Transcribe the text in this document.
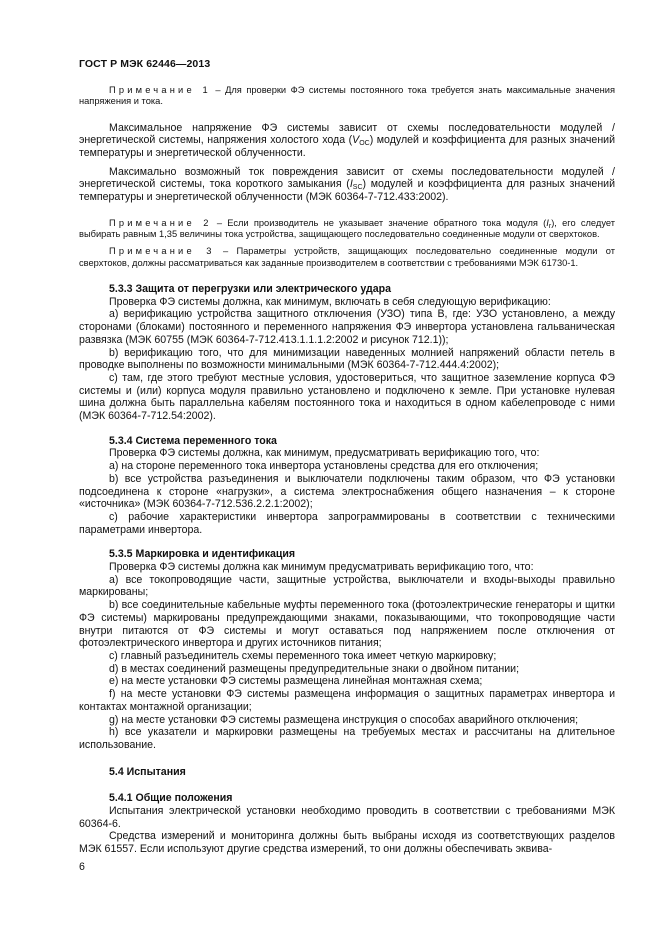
ГОСТ Р МЭК 62446—2013

Примечание 1 – Для проверки ФЭ системы постоянного тока требуется знать максимальные значения напряжения и тока.

Максимальное напряжение ФЭ системы зависит от схемы последовательности модулей / энергетической системы, напряжения холостого хода $(V_{OC})$ модулей и коэффициента для разных значений температуры и энергетической облученности.

Максимально возможный ток повреждения зависит от схемы последовательности модулей / энергетической системы, тока короткого замыкания $(I_{SC})$ модулей и коэффициента для разных значений температуры и энергетической облученности (МЭК 60364-7-712.433:2002).

Примечание 2 – Если производитель не указывает значение обратного тока модуля $(I_r)$, его следует выбирать равным 1,35 величины тока устройства, защищающего последовательно соединенные модули от сверхтоков.

Примечание 3 – Параметры устройств, защищающих последовательно соединенные модули от сверхтоков, должны рассматриваться как заданные производителем в соответствии с требованиями МЭК 61730-1.

5.3.3 Защита от перегрузки или электрического удара

Проверка ФЭ системы должна, как минимум, включать в себя следующую верификацию:

а) верификацию устройства защитного отключения (УЗО) типа В, где: УЗО установлено, а между сторонами (блоками) постоянного и переменного напряжения ФЭ инвертора установлена гальваническая развязка (МЭК 60755 (МЭК 60364-7-712.413.1.1.1.2:2002 и рисунок 712.1));

b) верификацию того, что для минимизации наведенных молнией напряжений области петель в проводке выполнены по возможности минимальными (МЭК 60364-7-712.444.4:2002);

c) там, где этого требуют местные условия, удостовериться, что защитное заземление корпуса ФЭ системы и (или) корпуса модуля правильно установлено и подключено к земле. При установке нулевая шина должна быть параллельна кабелям постоянного тока и находиться в одном кабелепроводе с ними (МЭК 60364-7-712.54:2002).

5.3.4 Система переменного тока

Проверка ФЭ системы должна, как минимум, предусматривать верификацию того, что:

а) на стороне переменного тока инвертора установлены средства для его отключения;

b) все устройства разъединения и выключатели подключены таким образом, что ФЭ установки подсоединена к стороне «нагрузки», а система электроснабжения общего назначения – к стороне «источника» (МЭК 60364-7-712.536.2.2.1:2002);

c) рабочие характеристики инвертора запрограммированы в соответствии с техническими параметрами инвертора.

5.3.5 Маркировка и идентификация

Проверка ФЭ системы должна как минимум предусматривать верификацию того, что:

а) все токопроводящие части, защитные устройства, выключатели и входы-выходы правильно маркированы;

b) все соединительные кабельные муфты переменного тока (фотоэлектрические генераторы и щитки ФЭ системы) маркированы предупреждающими знаками, показывающими, что токопроводящие части внутри питаются от ФЭ системы и могут оставаться под напряжением после отключения от фотоэлектрического инвертора и других источников питания;

c) главный разъединитель схемы переменного тока имеет четкую маркировку;

d) в местах соединений размещены предупредительные знаки о двойном питании;

e) на месте установки ФЭ системы размещена линейная монтажная схема;

f) на месте установки ФЭ системы размещена информация о защитных параметрах инвертора и контактах монтажной организации;

g) на месте установки ФЭ системы размещена инструкция о способах аварийного отключения;

h) все указатели и маркировки размещены на требуемых местах и рассчитаны на длительное использование.

5.4 Испытания

5.4.1 Общие положения

Испытания электрической установки необходимо проводить в соответствии с требованиями МЭК 60364-6.

Средства измерений и мониторинга должны быть выбраны исходя из соответствующих разделов МЭК 61557. Если используют другие средства измерений, то они должны обеспечивать эквива-

6
